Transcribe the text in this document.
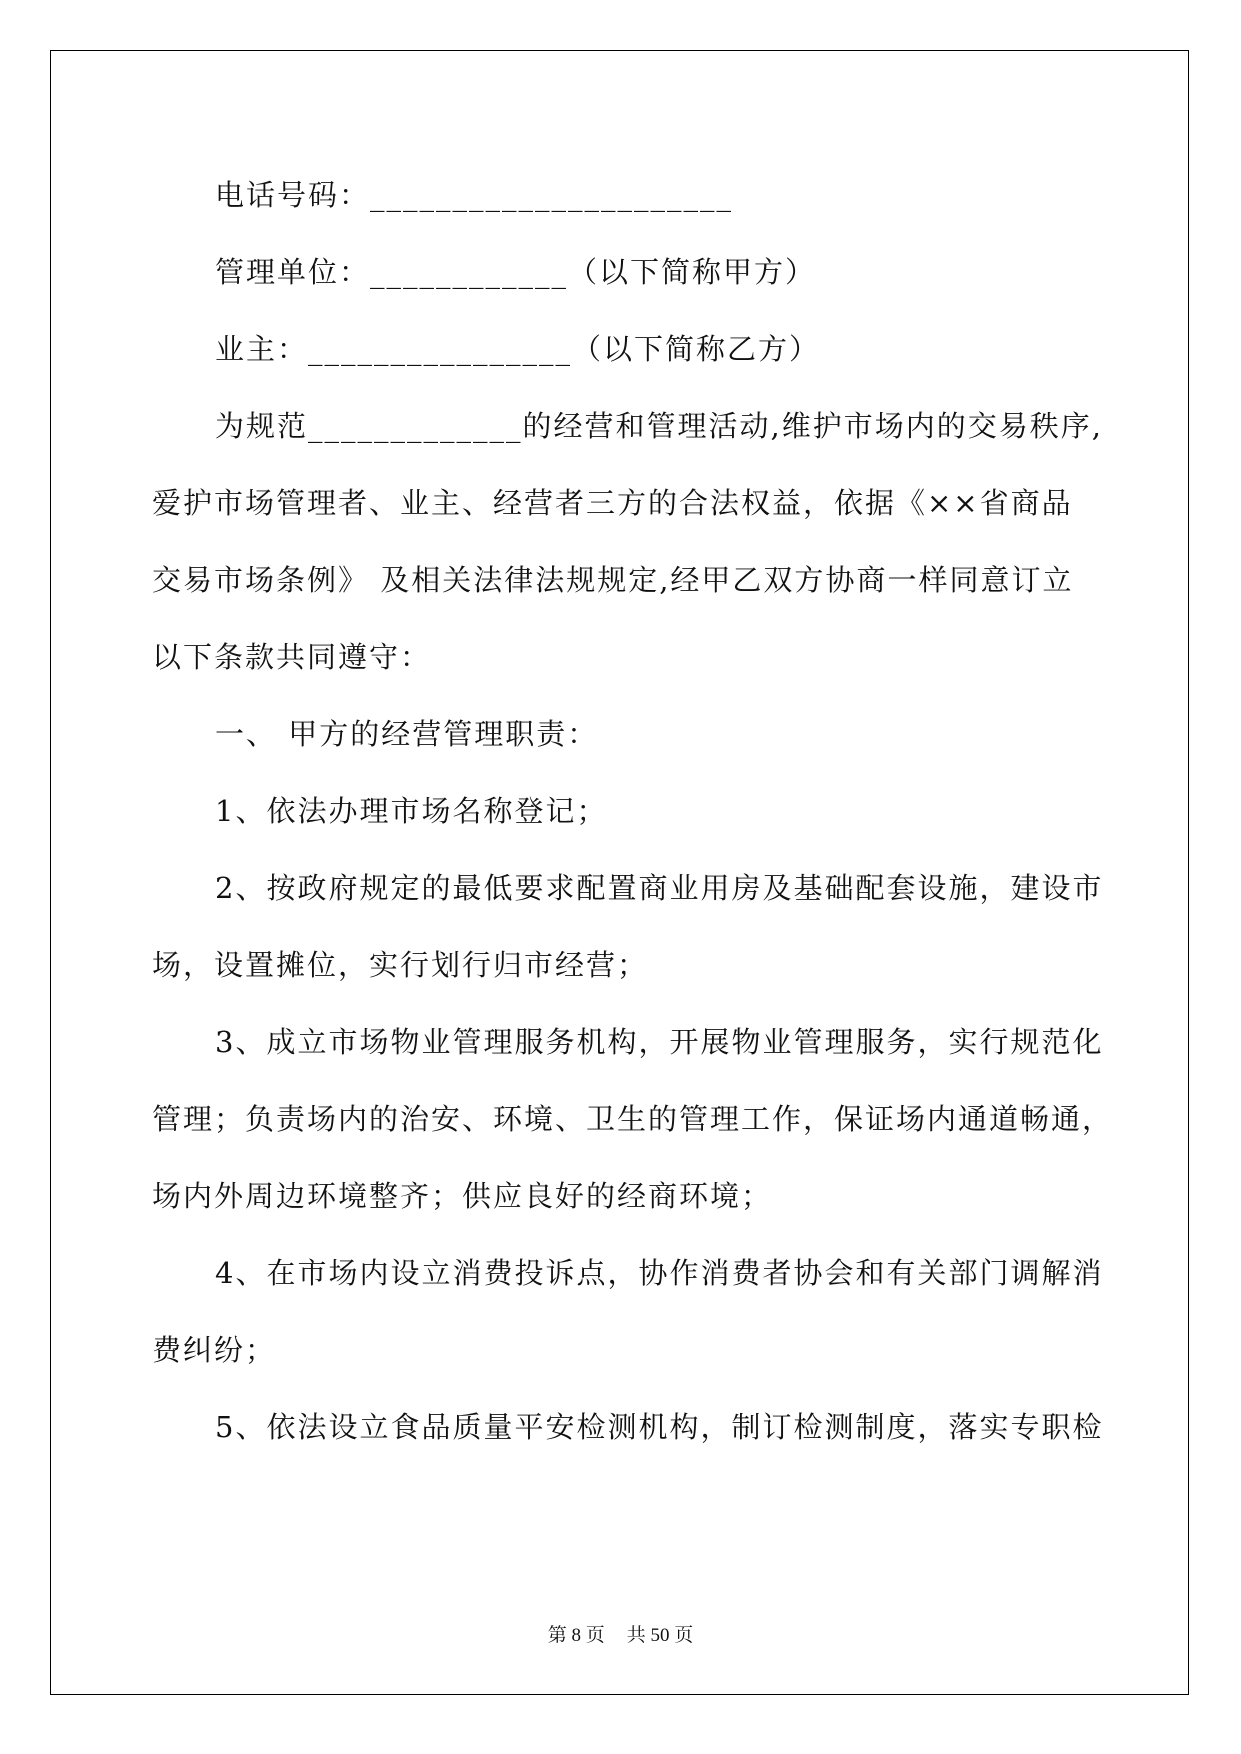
电话号码：______________________

管理单位：____________（以下简称甲方）

业主：________________（以下简称乙方）

为规范_____________的经营和管理活动,维护市场内的交易秩序,

爱护市场管理者、业主、经营者三方的合法权益，依据《××省商品

交易市场条例》 及相关法律法规规定,经甲乙双方协商一样同意订立

以下条款共同遵守：

一、 甲方的经营管理职责：

1、依法办理市场名称登记；

2、按政府规定的最低要求配置商业用房及基础配套设施，建设市

场，设置摊位，实行划行归市经营；

3、成立市场物业管理服务机构，开展物业管理服务，实行规范化

管理；负责场内的治安、环境、卫生的管理工作，保证场内通道畅通，

场内外周边环境整齐；供应良好的经商环境；

4、在市场内设立消费投诉点，协作消费者协会和有关部门调解消

费纠纷；

5、依法设立食品质量平安检测机构，制订检测制度，落实专职检

第 8 页 共 50 页
